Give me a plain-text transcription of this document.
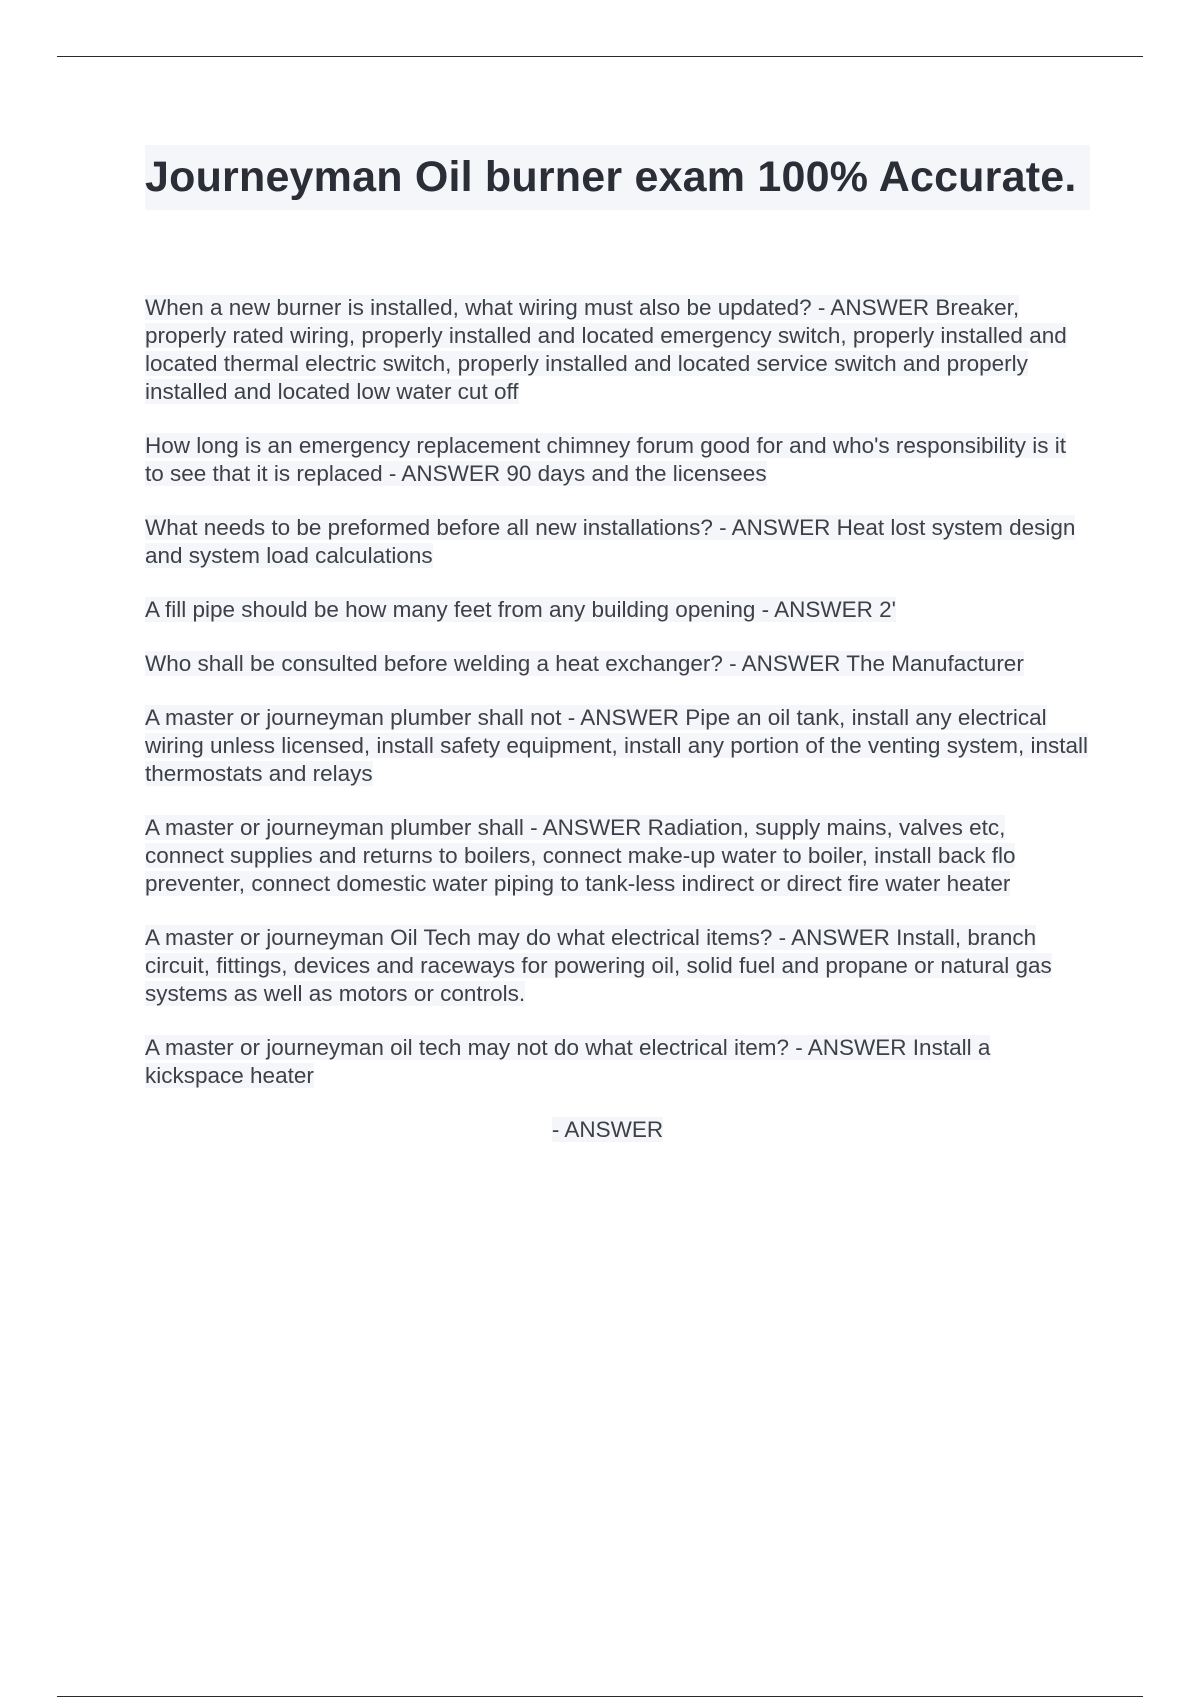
Journeyman Oil burner exam 100% Accurate.

When a new burner is installed, what wiring must also be updated? - ANSWER Breaker, properly rated wiring, properly installed and located emergency switch, properly installed and located thermal electric switch, properly installed and located service switch and properly installed and located low water cut off

How long is an emergency replacement chimney forum good for and who's responsibility is it to see that it is replaced - ANSWER 90 days and the licensees

What needs to be preformed before all new installations? - ANSWER Heat lost system design and system load calculations

A fill pipe should be how many feet from any building opening - ANSWER 2'

Who shall be consulted before welding a heat exchanger? - ANSWER The Manufacturer

A master or journeyman plumber shall not - ANSWER Pipe an oil tank, install any electrical wiring unless licensed, install safety equipment, install any portion of the venting system, install thermostats and relays

A master or journeyman plumber shall - ANSWER Radiation, supply mains, valves etc, connect supplies and returns to boilers, connect make-up water to boiler, install back flo preventer, connect domestic water piping to tank-less indirect or direct fire water heater

A master or journeyman Oil Tech may do what electrical items? - ANSWER Install, branch circuit, fittings, devices and raceways for powering oil, solid fuel and propane or natural gas systems as well as motors or controls.

A master or journeyman oil tech may not do what electrical item? - ANSWER Install a kickspace heater

- ANSWER
